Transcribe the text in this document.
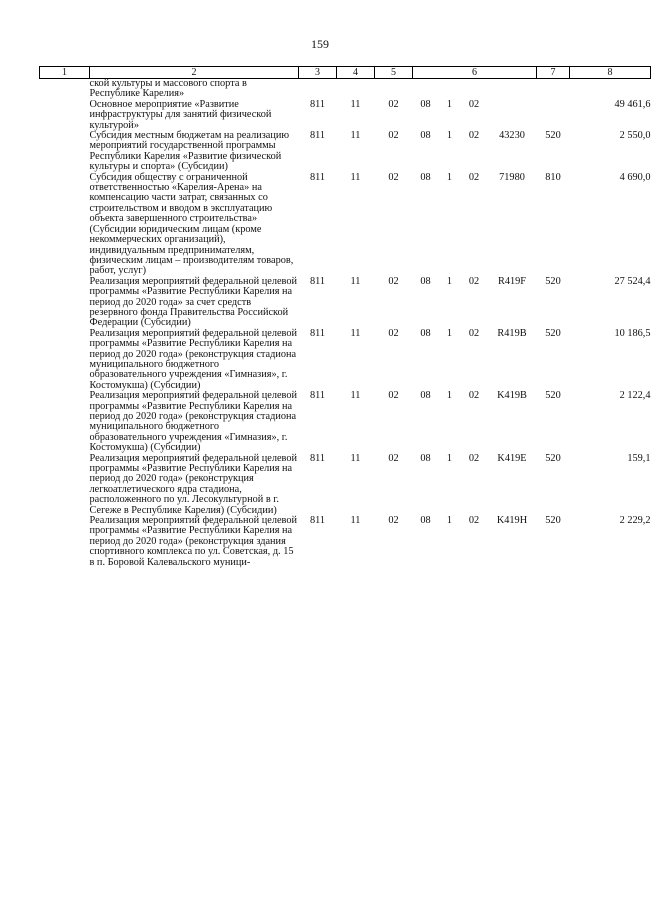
159
1	2	3	4	5	6				7	8
	ской культуры и массового спорта в Республике Карелия»									
	Основное мероприятие «Развитие инфраструктуры для занятий физической культурой»	811	11	02	08	1	02			49 461,6
	Субсидия местным бюджетам на реализацию мероприятий государственной программы Республики Карелия «Развитие физической культуры и спорта» (Субсидии)	811	11	02	08	1	02	43230	520	2 550,0
	Субсидия обществу с ограниченной ответственностью «Карелия-Арена» на компенсацию части затрат, связанных со строительством и вводом в эксплуатацию объекта завершенного строительства» (Субсидии юридическим лицам (кроме некоммерческих организаций), индивидуальным предпринимателям, физическим лицам – производителям товаров, работ, услуг)	811	11	02	08	1	02	71980	810	4 690,0
	Реализация мероприятий федеральной целевой программы «Развитие Республики Карелия на период до 2020 года» за счет средств резервного фонда Правительства Российской Федерации (Субсидии)	811	11	02	08	1	02	R419F	520	27 524,4
	Реализация мероприятий федеральной целевой программы «Развитие Республики Карелия на период до 2020 года» (реконструкция стадиона муниципального бюджетного образовательного учреждения «Гимназия», г. Костомукша) (Субсидии)	811	11	02	08	1	02	R419B	520	10 186,5
	Реализация мероприятий федеральной целевой программы «Развитие Республики Карелия на период до 2020 года» (реконструкция стадиона муниципального бюджетного образовательного учреждения «Гимназия», г. Костомукша) (Субсидии)	811	11	02	08	1	02	K419B	520	2 122,4
	Реализация мероприятий федеральной целевой программы «Развитие Республики Карелия на период до 2020 года» (реконструкция легкоатлетического ядра стадиона, расположенного по ул. Лесокультурной в г. Сегеже в Республике Карелия) (Субсидии)	811	11	02	08	1	02	K419E	520	159,1
	Реализация мероприятий федеральной целевой программы «Развитие Республики Карелия на период до 2020 года» (реконструкция здания спортивного комплекса по ул. Советская, д. 15 в п. Боровой Калевальского муници-	811	11	02	08	1	02	K419H	520	2 229,2
